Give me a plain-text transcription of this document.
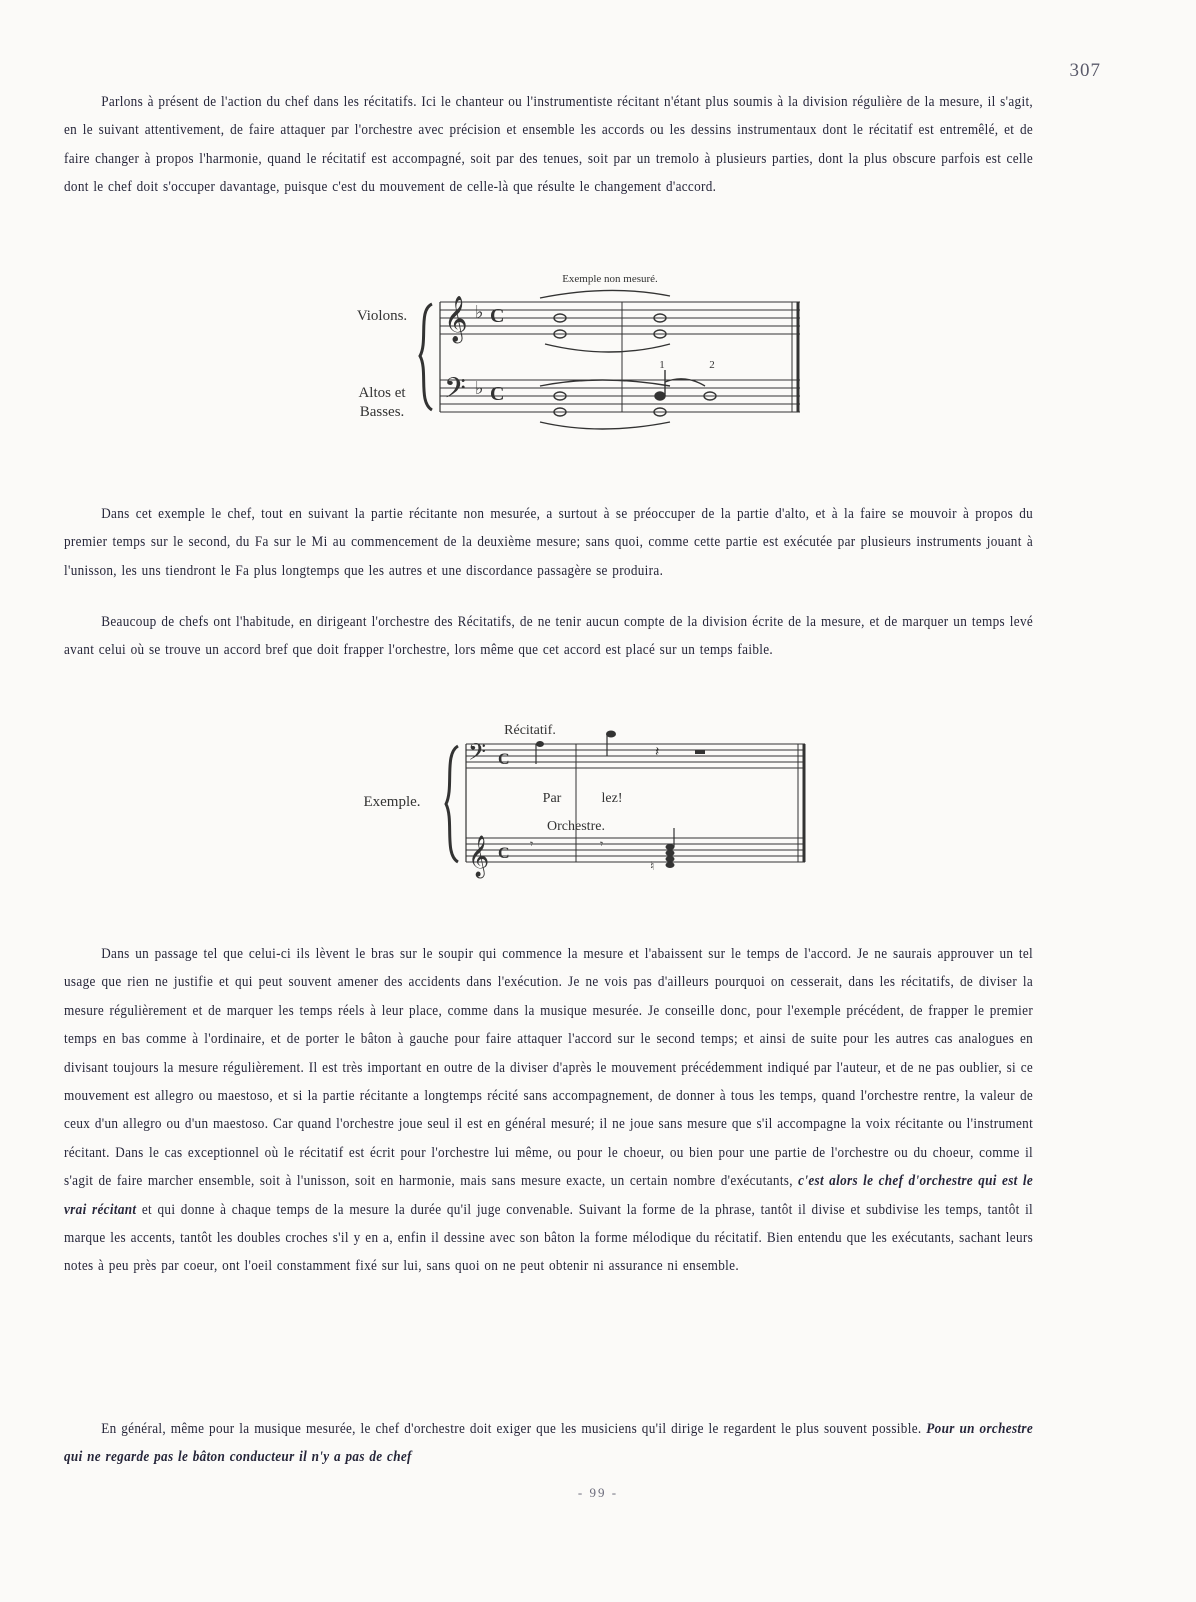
307

Parlons à présent de l'action du chef dans les récitatifs. Ici le chanteur ou l'instrumentiste récitant n'étant plus soumis à la division régulière de la mesure, il s'agit, en le suivant attentivement, de faire attaquer par l'orchestre avec précision et ensemble les accords ou les dessins instrumentaux dont le récitatif est entremêlé, et de faire changer à propos l'harmonie, quand le récitatif est accompagné, soit par des tenues, soit par un tremolo à plusieurs parties, dont la plus obscure parfois est celle dont le chef doit s'occuper davantage, puisque c'est du mouvement de celle-là que résulte le changement d'accord.

Exemple non mesuré.
Violons.
Altos et
Basses.
𝄞
𝄢
♭
♭
C
C
1	2

Dans cet exemple le chef, tout en suivant la partie récitante non mesurée, a surtout à se préoccuper de la partie d'alto, et à la faire se mouvoir à propos du premier temps sur le second, du Fa sur le Mi au commencement de la deuxième mesure; sans quoi, comme cette partie est exécutée par plusieurs instruments jouant à l'unisson, les uns tiendront le Fa plus longtemps que les autres et une discordance passagère se produira.

Beaucoup de chefs ont l'habitude, en dirigeant l'orchestre des Récitatifs, de ne tenir aucun compte de la division écrite de la mesure, et de marquer un temps levé avant celui où se trouve un accord bref que doit frapper l'orchestre, lors même que cet accord est placé sur un temps faible.

Récitatif.
Exemple.
𝄢
𝄞
C
C
𝄽
Par	lez!
Orchestre.
𝄾	𝄾
♮

Dans un passage tel que celui-ci ils lèvent le bras sur le soupir qui commence la mesure et l'abaissent sur le temps de l'accord. Je ne saurais approuver un tel usage que rien ne justifie et qui peut souvent amener des accidents dans l'exécution. Je ne vois pas d'ailleurs pourquoi on cesserait, dans les récitatifs, de diviser la mesure régulièrement et de marquer les temps réels à leur place, comme dans la musique mesurée. Je conseille donc, pour l'exemple précédent, de frapper le premier temps en bas comme à l'ordinaire, et de porter le bâton à gauche pour faire attaquer l'accord sur le second temps; et ainsi de suite pour les autres cas analogues en divisant toujours la mesure régulièrement. Il est très important en outre de la diviser d'après le mouvement précédemment indiqué par l'auteur, et de ne pas oublier, si ce mouvement est allegro ou maestoso, et si la partie récitante a longtemps récité sans accompagnement, de donner à tous les temps, quand l'orchestre rentre, la valeur de ceux d'un allegro ou d'un maestoso. Car quand l'orchestre joue seul il est en général mesuré; il ne joue sans mesure que s'il accompagne la voix récitante ou l'instrument récitant. Dans le cas exceptionnel où le récitatif est écrit pour l'orchestre lui même, ou pour le choeur, ou bien pour une partie de l'orchestre ou du choeur, comme il s'agit de faire marcher ensemble, soit à l'unisson, soit en harmonie, mais sans mesure exacte, un certain nombre d'exécutants, c'est alors le chef d'orchestre qui est le vrai récitant et qui donne à chaque temps de la mesure la durée qu'il juge convenable. Suivant la forme de la phrase, tantôt il divise et subdivise les temps, tantôt il marque les accents, tantôt les doubles croches s'il y en a, enfin il dessine avec son bâton la forme mélodique du récitatif. Bien entendu que les exécutants, sachant leurs notes à peu près par coeur, ont l'oeil constamment fixé sur lui, sans quoi on ne peut obtenir ni assurance ni ensemble.

En général, même pour la musique mesurée, le chef d'orchestre doit exiger que les musiciens qu'il dirige le regardent le plus souvent possible. Pour un orchestre qui ne regarde pas le bâton conducteur il n'y a pas de chef

- 99 -
